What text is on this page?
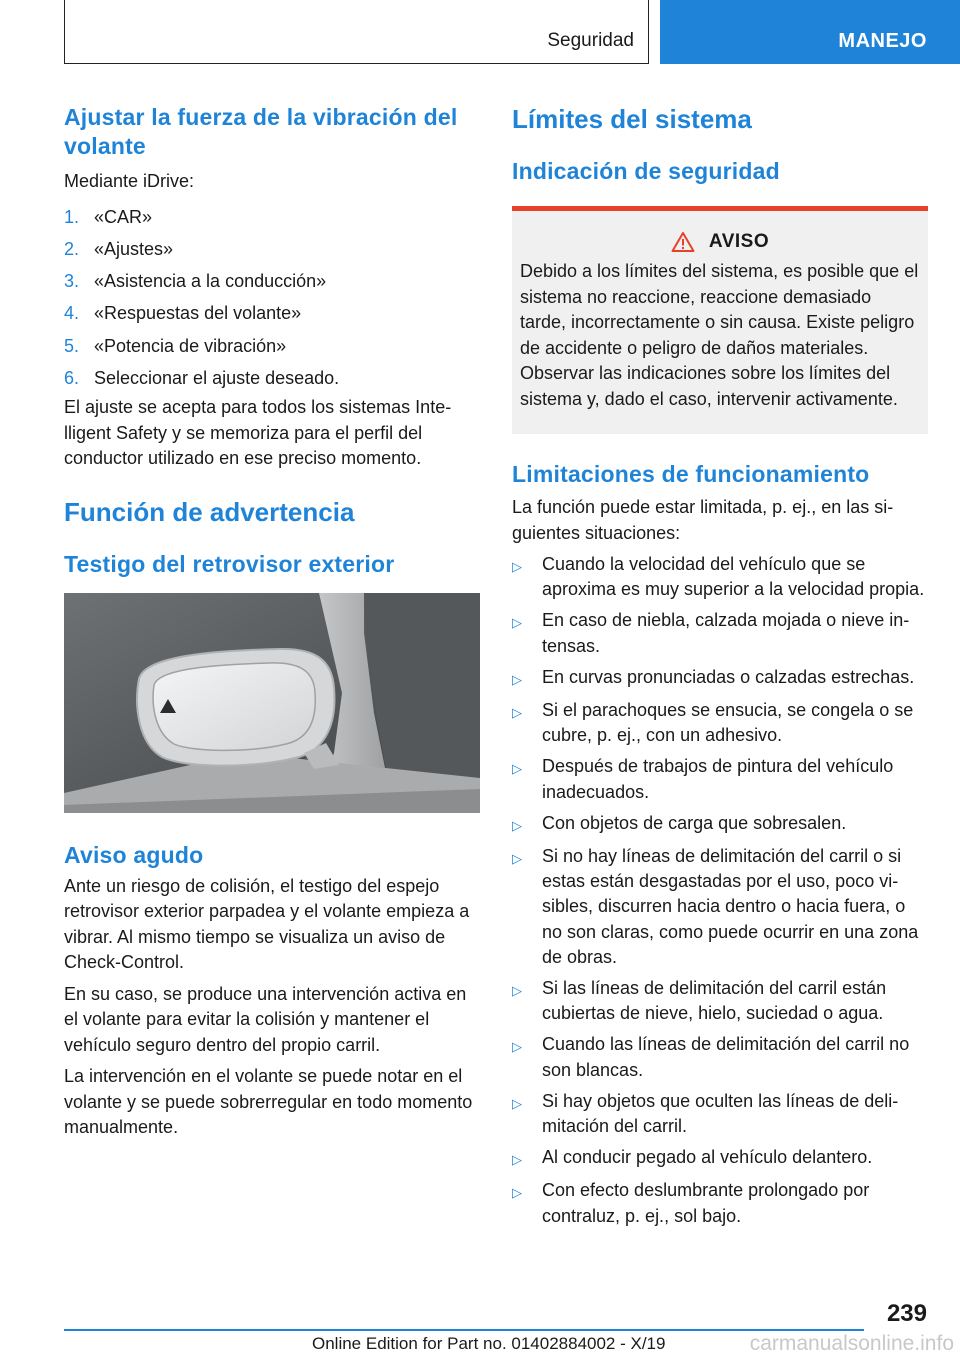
Seguridad	MANEJO
Ajustar la fuerza de la vibración del volante

Mediante iDrive:

1. «CAR»
2. «Ajustes»
3. «Asistencia a la conducción»
4. «Respuestas del volante»
5. «Potencia de vibración»
6. Seleccionar el ajuste deseado.

El ajuste se acepta para todos los sistemas Intelligent Safety y se memoriza para el perfil del conductor utilizado en ese preciso momento.

Función de advertencia
Testigo del retrovisor exterior
Aviso agudo

Ante un riesgo de colisión, el testigo del espejo retrovisor exterior parpadea y el volante empieza a vibrar. Al mismo tiempo se visualiza un aviso de Check-Control.

En su caso, se produce una intervención activa en el volante para evitar la colisión y mantener el vehículo seguro dentro del propio carril.

La intervención en el volante se puede notar en el volante y se puede sobrerregular en todo momento manualmente.

Límites del sistema
Indicación de seguridad
AVISO

Debido a los límites del sistema, es posible que el sistema no reaccione, reaccione demasiado tarde, incorrectamente o sin causa. Existe peligro de accidente o peligro de daños materiales. Observar las indicaciones sobre los límites del sistema y, dado el caso, intervenir activamente.

Limitaciones de funcionamiento

La función puede estar limitada, p. ej., en las siguientes situaciones:

▷	Cuando la velocidad del vehículo que se aproxima es muy superior a la velocidad propia.
▷	En caso de niebla, calzada mojada o nieve intensas.
▷	En curvas pronunciadas o calzadas estrechas.
▷	Si el parachoques se ensucia, se congela o se cubre, p. ej., con un adhesivo.
▷	Después de trabajos de pintura del vehículo inadecuados.
▷	Con objetos de carga que sobresalen.
▷	Si no hay líneas de delimitación del carril o si estas están desgastadas por el uso, poco visibles, discurren hacia dentro o hacia fuera, o no son claras, como puede ocurrir en una zona de obras.
▷	Si las líneas de delimitación del carril están cubiertas de nieve, hielo, suciedad o agua.
▷	Cuando las líneas de delimitación del carril no son blancas.
▷	Si hay objetos que oculten las líneas de delimitación del carril.
▷	Al conducir pegado al vehículo delantero.
▷	Con efecto deslumbrante prolongado por contraluz, p. ej., sol bajo.
239
Online Edition for Part no. 01402884002 - X/19	carmanualsonline.info
